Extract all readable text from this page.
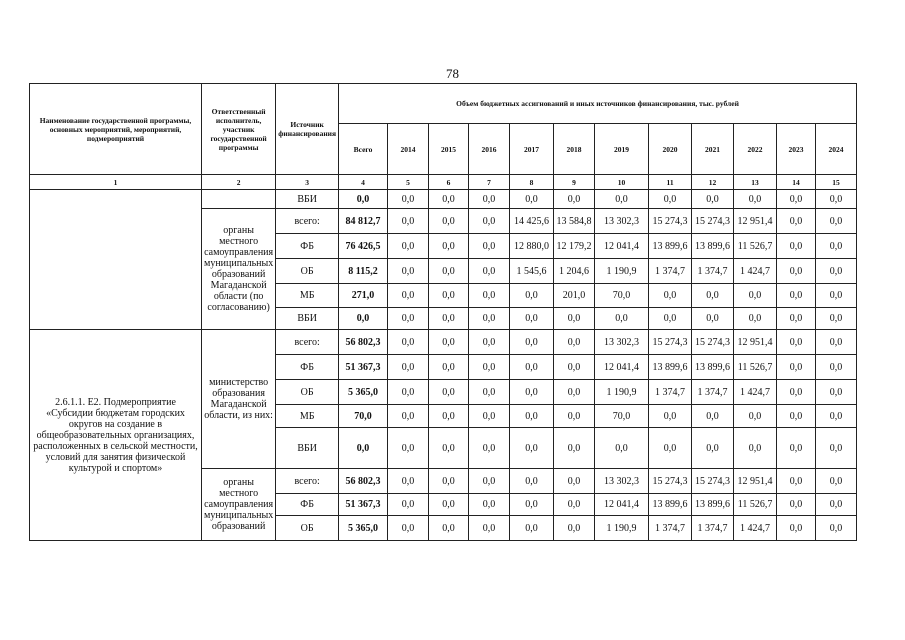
78
Наименование государственной программы, основных мероприятий, мероприятий, подмероприятий	Ответственный исполнитель, участник государственной программы	Источник финансирования	Объем бюджетных ассигнований и иных источников финансирования, тыс. рублей											
			Всего	2014	2015	2016	2017	2018	2019	2020	2021	2022	2023	2024
1	2	3	4	5	6	7	8	9	10	11	12	13	14	15
		ВБИ	0,0	0,0	0,0	0,0	0,0	0,0	0,0	0,0	0,0	0,0	0,0	0,0
	органы местного самоуправления муниципальных образований Магаданской области (по согласованию)	всего:	84 812,7	0,0	0,0	0,0	14 425,6	13 584,8	13 302,3	15 274,3	15 274,3	12 951,4	0,0	0,0
		ФБ	76 426,5	0,0	0,0	0,0	12 880,0	12 179,2	12 041,4	13 899,6	13 899,6	11 526,7	0,0	0,0
		ОБ	8 115,2	0,0	0,0	0,0	1 545,6	1 204,6	1 190,9	1 374,7	1 374,7	1 424,7	0,0	0,0
		МБ	271,0	0,0	0,0	0,0	0,0	201,0	70,0	0,0	0,0	0,0	0,0	0,0
		ВБИ	0,0	0,0	0,0	0,0	0,0	0,0	0,0	0,0	0,0	0,0	0,0	0,0
2.6.1.1. Е2. Подмероприятие «Субсидии бюджетам городских округов на создание в общеобразовательных организациях, расположенных в сельской местности, условий для занятия физической культурой и спортом»	министерство образования Магаданской области, из них:	всего:	56 802,3	0,0	0,0	0,0	0,0	0,0	13 302,3	15 274,3	15 274,3	12 951,4	0,0	0,0
		ФБ	51 367,3	0,0	0,0	0,0	0,0	0,0	12 041,4	13 899,6	13 899,6	11 526,7	0,0	0,0
		ОБ	5 365,0	0,0	0,0	0,0	0,0	0,0	1 190,9	1 374,7	1 374,7	1 424,7	0,0	0,0
		МБ	70,0	0,0	0,0	0,0	0,0	0,0	70,0	0,0	0,0	0,0	0,0	0,0
		ВБИ	0,0	0,0	0,0	0,0	0,0	0,0	0,0	0,0	0,0	0,0	0,0	0,0
	органы местного самоуправления муниципальных образований	всего:	56 802,3	0,0	0,0	0,0	0,0	0,0	13 302,3	15 274,3	15 274,3	12 951,4	0,0	0,0
		ФБ	51 367,3	0,0	0,0	0,0	0,0	0,0	12 041,4	13 899,6	13 899,6	11 526,7	0,0	0,0
		ОБ	5 365,0	0,0	0,0	0,0	0,0	0,0	1 190,9	1 374,7	1 374,7	1 424,7	0,0	0,0
